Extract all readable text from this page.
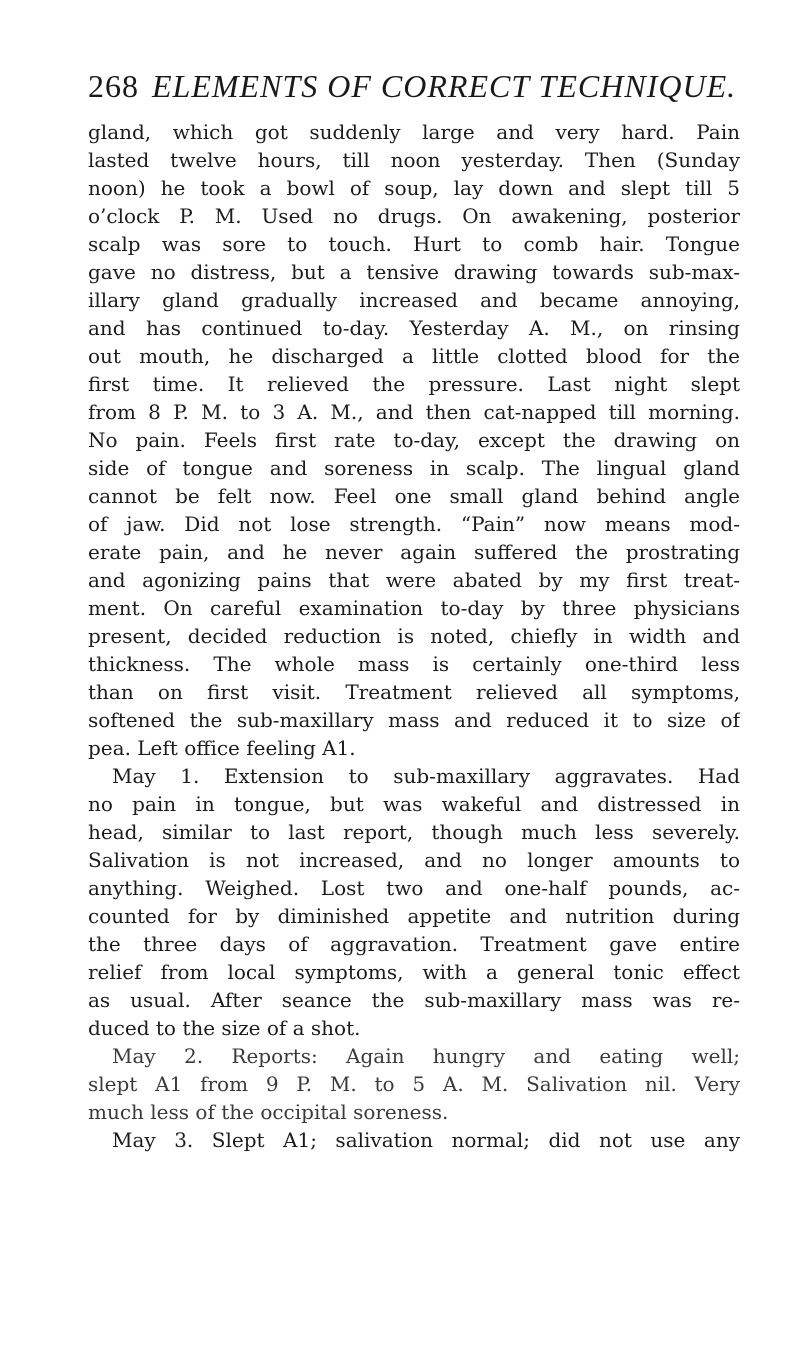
268 ELEMENTS OF CORRECT TECHNIQUE.
gland, which got suddenly large and very hard. Pain
lasted twelve hours, till noon yesterday. Then (Sunday
noon) he took a bowl of soup, lay down and slept till 5
o’clock P. M. Used no drugs. On awakening, posterior
scalp was sore to touch. Hurt to comb hair. Tongue
gave no distress, but a tensive drawing towards sub-max-
illary gland gradually increased and became annoying,
and has continued to-day. Yesterday A. M., on rinsing
out mouth, he discharged a little clotted blood for the
first time. It relieved the pressure. Last night slept
from 8 P. M. to 3 A. M., and then cat-napped till morning.
No pain. Feels first rate to-day, except the drawing on
side of tongue and soreness in scalp. The lingual gland
cannot be felt now. Feel one small gland behind angle
of jaw. Did not lose strength. “Pain” now means mod-
erate pain, and he never again suffered the prostrating
and agonizing pains that were abated by my first treat-
ment. On careful examination to-day by three physicians
present, decided reduction is noted, chiefly in width and
thickness. The whole mass is certainly one-third less
than on first visit. Treatment relieved all symptoms,
softened the sub-maxillary mass and reduced it to size of
pea. Left office feeling A1.
May 1. Extension to sub-maxillary aggravates. Had
no pain in tongue, but was wakeful and distressed in
head, similar to last report, though much less severely.
Salivation is not increased, and no longer amounts to
anything. Weighed. Lost two and one-half pounds, ac-
counted for by diminished appetite and nutrition during
the three days of aggravation. Treatment gave entire
relief from local symptoms, with a general tonic effect
as usual. After seance the sub-maxillary mass was re-
duced to the size of a shot.
May 2. Reports: Again hungry and eating well;
slept A1 from 9 P. M. to 5 A. M. Salivation nil. Very
much less of the occipital soreness.
May 3. Slept A1; salivation normal; did not use any
